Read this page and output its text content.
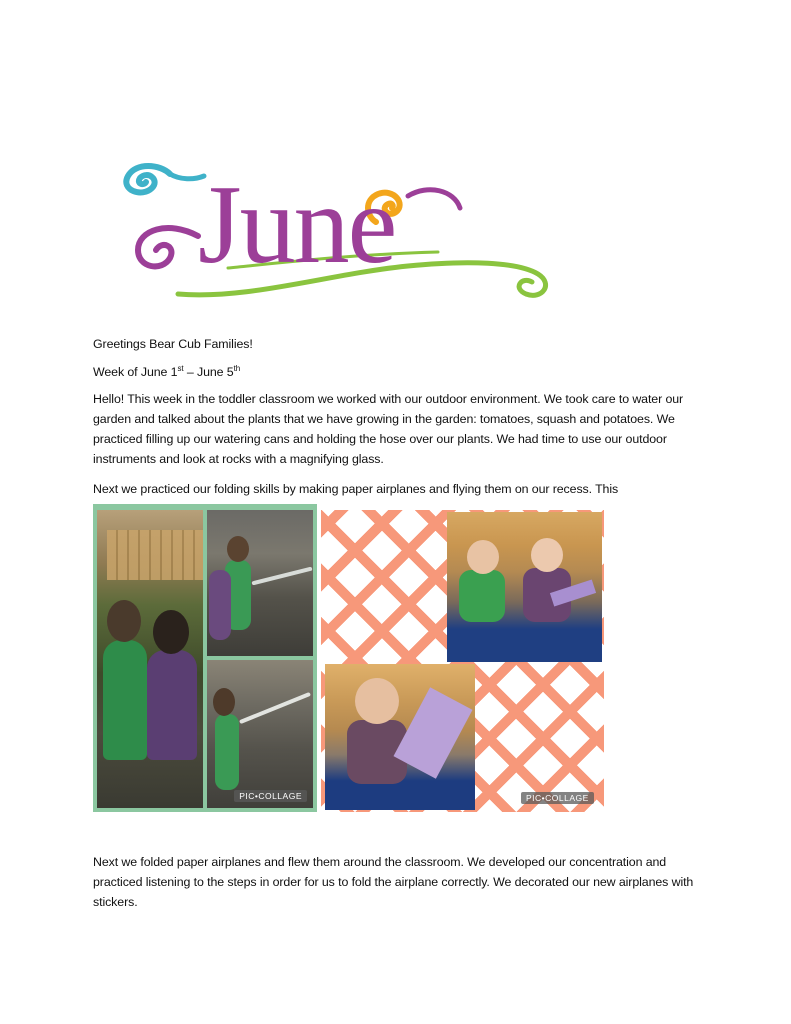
June

Greetings Bear Cub Families!

Week of June 1st – June 5th

Hello! This week in the toddler classroom we worked with our outdoor environment. We took care to water our garden and talked about the plants that we have growing in the garden: tomatoes, squash and potatoes. We practiced filling up our watering cans and holding the hose over our plants. We had time to use our outdoor instruments and look at rocks with a magnifying glass.

Next we practiced our folding skills by making paper airplanes and flying them on our recess. This

PIC•COLLAGE	PIC•COLLAGE

Next we folded paper airplanes and flew them around the classroom. We developed our concentration and practiced listening to the steps in order for us to fold the airplane correctly. We decorated our new airplanes with stickers.
